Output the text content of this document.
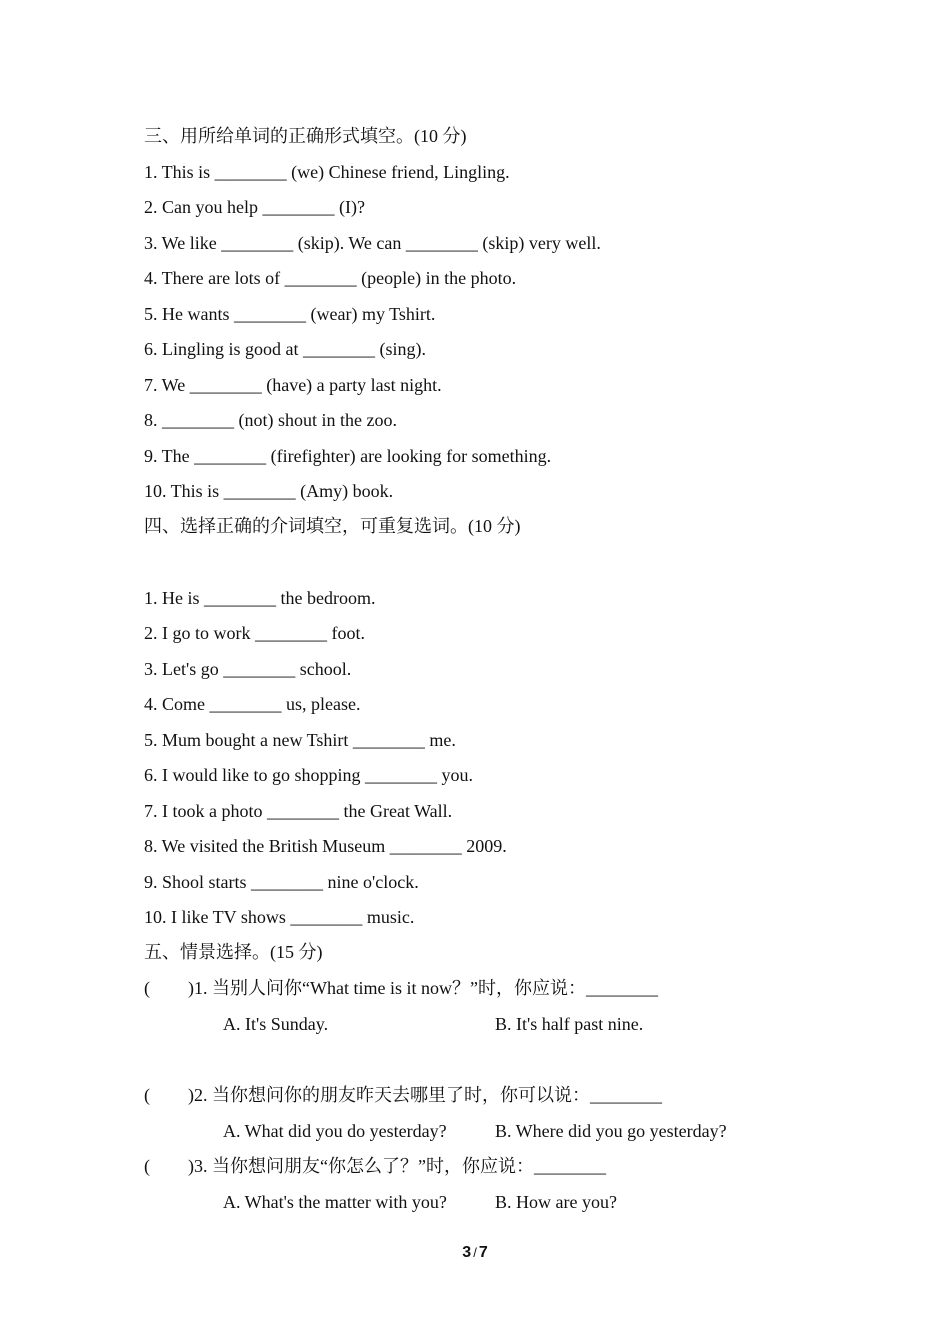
三、用所给单词的正确形式填空。(10 分)
1. This is ________ (we) Chinese friend, Lingling.
2. Can you help ________ (I)?
3. We like ________ (skip). We can ________ (skip) very well.
4. There are lots of ________ (people) in the photo.
5. He wants ________ (wear) my Tshirt.
6. Lingling is good at ________ (sing).
7. We ________ (have) a party last night.
8. ________ (not) shout in the zoo.
9. The ________ (firefighter) are looking for something.
10. This is ________ (Amy) book.
四、选择正确的介词填空，可重复选词。(10 分)
1. He is ________ the bedroom.
2. I go to work ________ foot.
3. Let's go ________ school.
4. Come ________ us, please.
5. Mum bought a new Tshirt ________ me.
6. I would like to go shopping ________ you.
7. I took a photo ________ the Great Wall.
8. We visited the British Museum ________ 2009.
9. Shool starts ________ nine o'clock.
10. I like TV shows ________ music.
五、情景选择。(15 分)
( )1. 当别人问你“What time is it now？”时，你应说：________
A. It's Sunday.	B. It's half past nine.
( )2. 当你想问你的朋友昨天去哪里了时，你可以说：________
A. What did you do yesterday?	B. Where did you go yesterday?
( )3. 当你想问朋友“你怎么了？”时，你应说：________
A. What's the matter with you?	B. How are you?
3 / 7
